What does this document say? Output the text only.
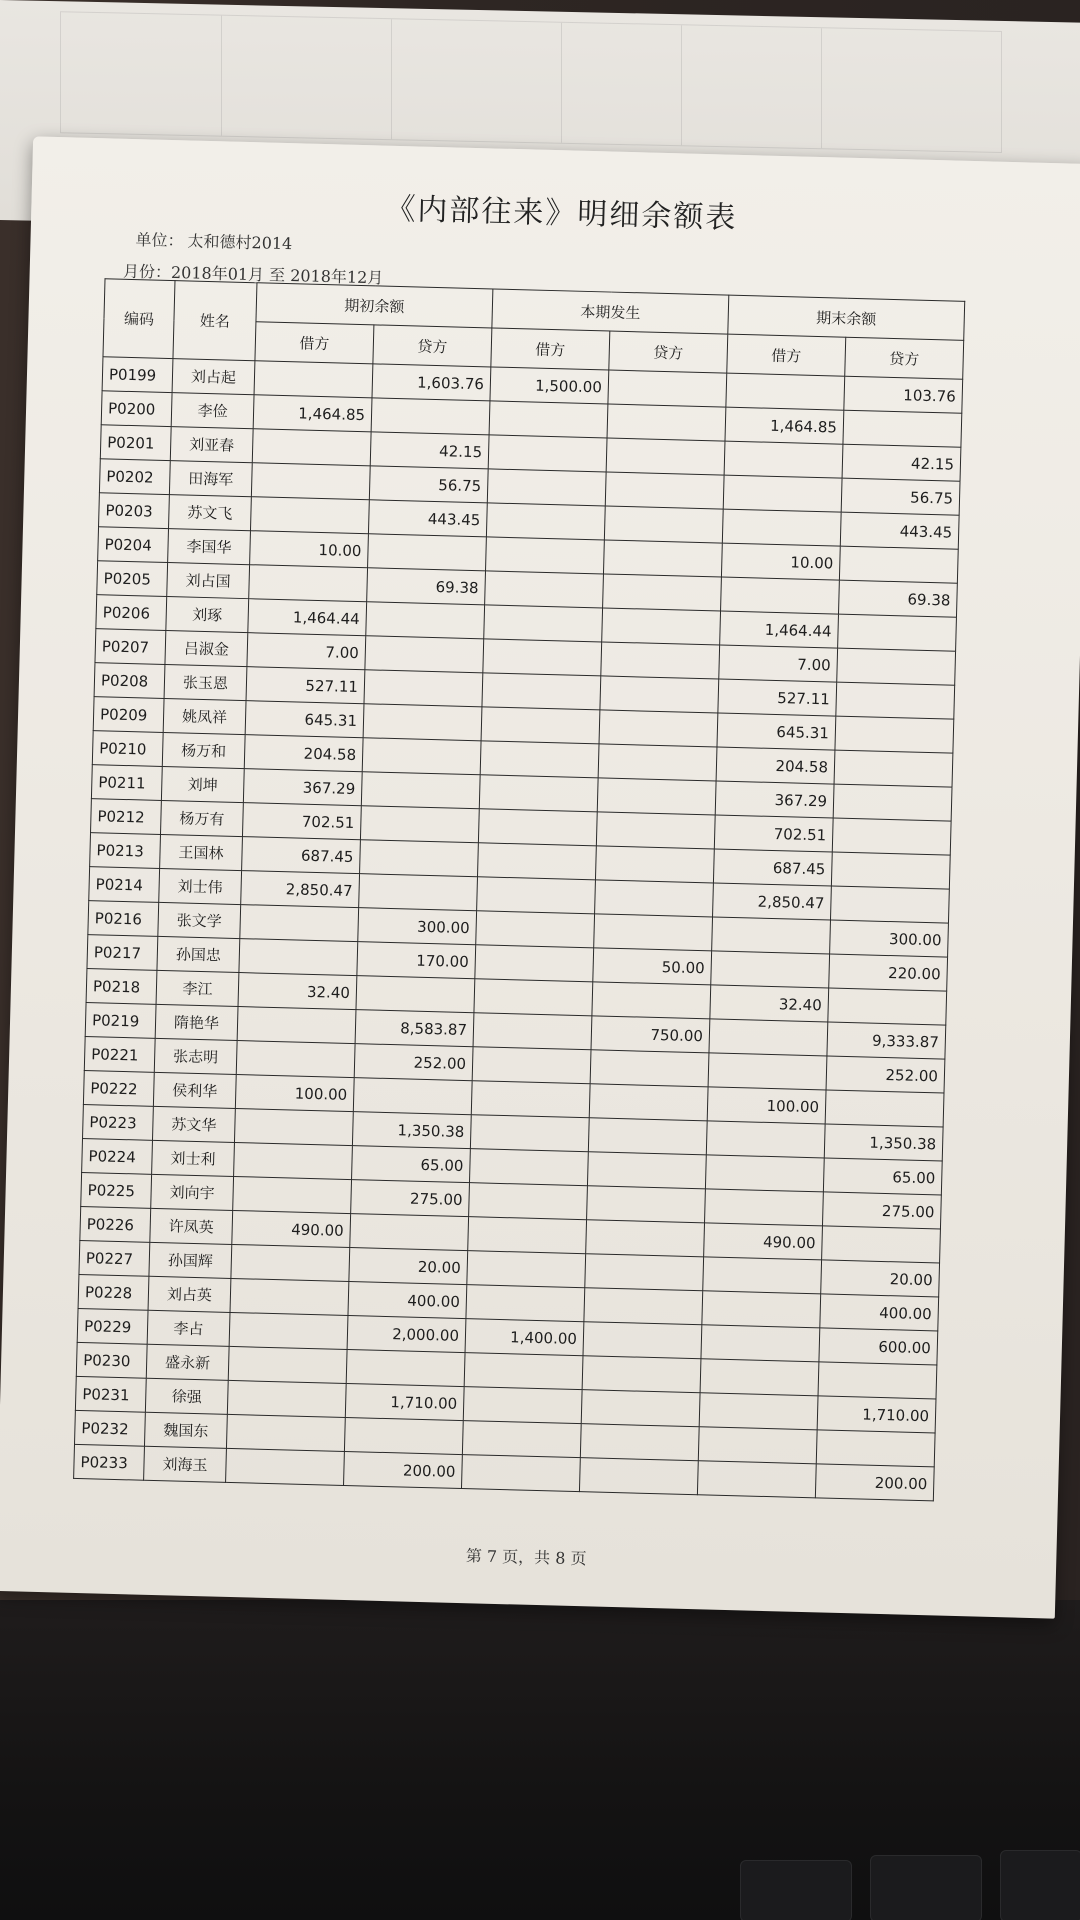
《内部往来》明细余额表
单位： 太和德村2014
编码	姓名	期初余额		本期发生		期末余额	
		借方	贷方	借方	贷方	借方	贷方
P0199	刘占起		1,603.76	1,500.00			103.76
P0200	李俭	1,464.85				1,464.85	
P0201	刘亚春		42.15				42.15
P0202	田海军		56.75				56.75
P0203	苏文飞		443.45				443.45
P0204	李国华	10.00				10.00	
P0205	刘占国		69.38				69.38
P0206	刘琢	1,464.44				1,464.44	
P0207	吕淑金	7.00				7.00	
P0208	张玉恩	527.11				527.11	
P0209	姚凤祥	645.31				645.31	
P0210	杨万和	204.58				204.58	
P0211	刘坤	367.29				367.29	
P0212	杨万有	702.51				702.51	
P0213	王国林	687.45				687.45	
P0214	刘士伟	2,850.47				2,850.47	
P0216	张文学		300.00				300.00
P0217	孙国忠		170.00		50.00		220.00
P0218	李江	32.40				32.40	
P0219	隋艳华		8,583.87		750.00		9,333.87
P0221	张志明		252.00				252.00
P0222	侯利华	100.00				100.00	
P0223	苏文华		1,350.38				1,350.38
P0224	刘士利		65.00				65.00
P0225	刘向宇		275.00				275.00
P0226	许凤英	490.00				490.00	
P0227	孙国辉		20.00				20.00
P0228	刘占英		400.00				400.00
P0229	李占		2,000.00	1,400.00			600.00
P0230	盛永新						
P0231	徐强		1,710.00				1,710.00
P0232	魏国东						
P0233	刘海玉		200.00				200.00
第 7 页，共 8 页
月份：2018年01月 至 2018年12月
